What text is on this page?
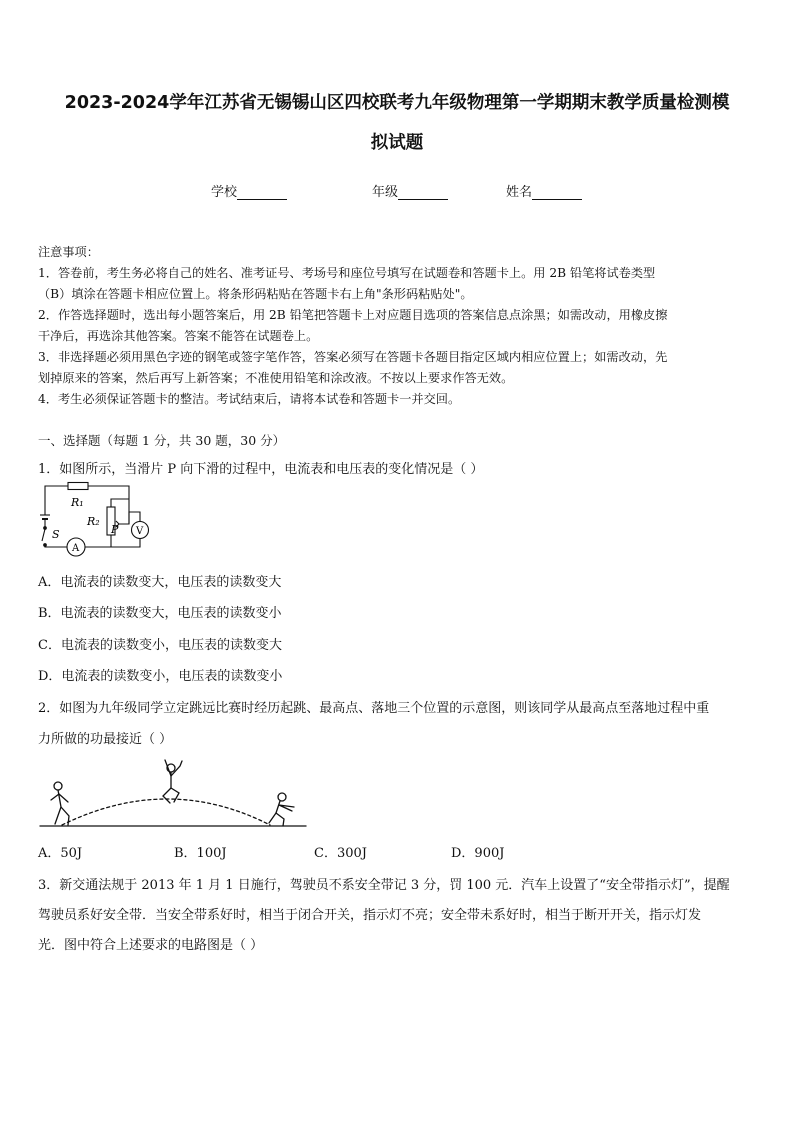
2023-2024学年江苏省无锡锡山区四校联考九年级物理第一学期期末教学质量检测模
拟试题
学校	年级	姓名
注意事项：
1．答卷前，考生务必将自己的姓名、准考证号、考场号和座位号填写在试题卷和答题卡上。用 2B 铅笔将试卷类型
（B）填涂在答题卡相应位置上。将条形码粘贴在答题卡右上角"条形码粘贴处"。
2．作答选择题时，选出每小题答案后，用 2B 铅笔把答题卡上对应题目选项的答案信息点涂黑；如需改动，用橡皮擦
干净后，再选涂其他答案。答案不能答在试题卷上。
3．非选择题必须用黑色字迹的钢笔或签字笔作答，答案必须写在答题卡各题目指定区域内相应位置上；如需改动，先
划掉原来的答案，然后再写上新答案；不准使用铅笔和涂改液。不按以上要求作答无效。
4．考生必须保证答题卡的整洁。考试结束后，请将本试卷和答题卡一并交回。
一、选择题（每题 1 分，共 30 题，30 分）
1．如图所示，当滑片 P 向下滑的过程中，电流表和电压表的变化情况是（ ）
R₁
R₂
P
S
A
V
A．电流表的读数变大，电压表的读数变大
B．电流表的读数变大，电压表的读数变小
C．电流表的读数变小，电压表的读数变大
D．电流表的读数变小，电压表的读数变小
2．如图为九年级同学立定跳远比赛时经历起跳、最高点、落地三个位置的示意图，则该同学从最高点至落地过程中重
力所做的功最接近（ ）
A．50J	B．100J	C．300J	D．900J
3．新交通法规于 2013 年 1 月 1 日施行，驾驶员不系安全带记 3 分，罚 100 元．汽车上设置了“安全带指示灯”，提醒
驾驶员系好安全带．当安全带系好时，相当于闭合开关，指示灯不亮；安全带未系好时，相当于断开开关，指示灯发
光．图中符合上述要求的电路图是（ ）
